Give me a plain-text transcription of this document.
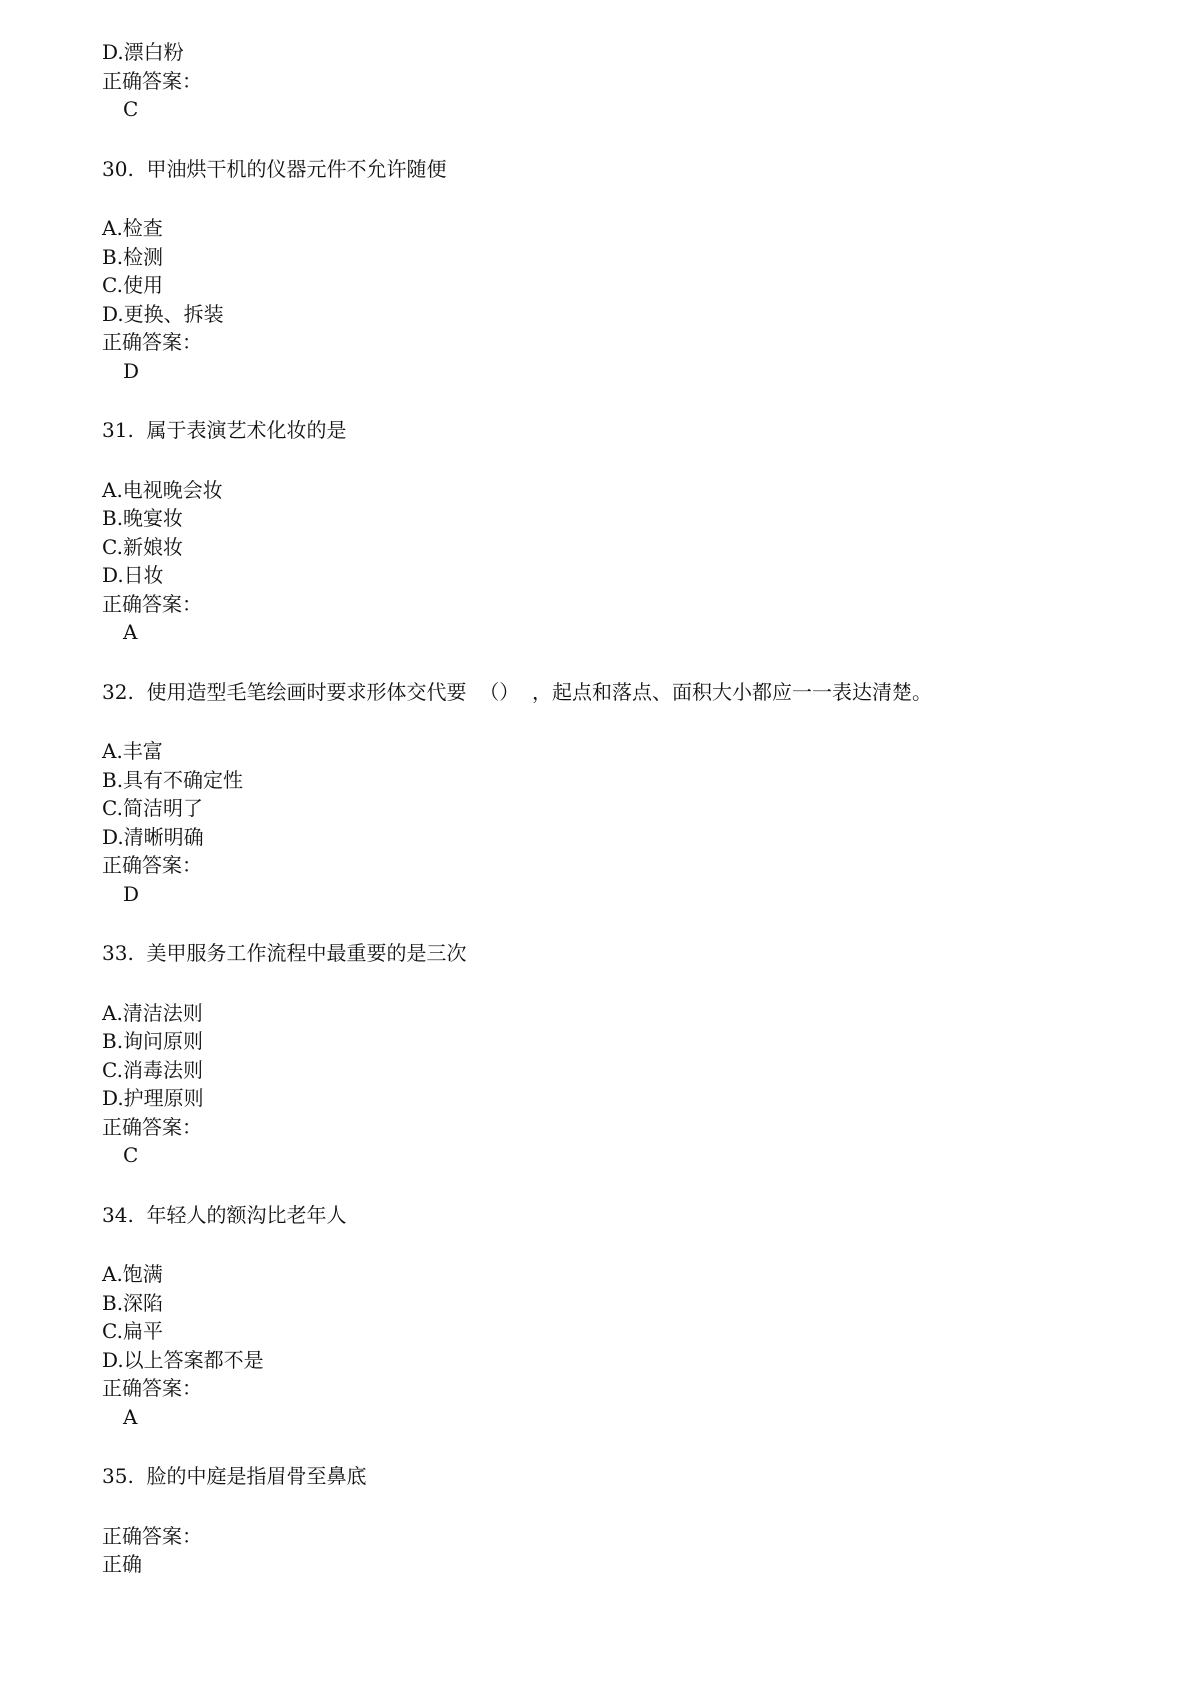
D.漂白粉
正确答案：
C
30.  甲油烘干机的仪器元件不允许随便
A.检查
B.检测
C.使用
D.更换、拆装
正确答案：
D
31.  属于表演艺术化妆的是
A.电视晚会妆
B.晚宴妆
C.新娘妆
D.日妆
正确答案：
A
32.  使用造型毛笔绘画时要求形体交代要  （）  ，起点和落点、面积大小都应一一表达清楚。
A.丰富
B.具有不确定性
C.简洁明了
D.清晰明确
正确答案：
D
33.  美甲服务工作流程中最重要的是三次
A.清洁法则
B.询问原则
C.消毒法则
D.护理原则
正确答案：
C
34.  年轻人的额沟比老年人
A.饱满
B.深陷
C.扁平
D.以上答案都不是
正确答案：
A
35.  脸的中庭是指眉骨至鼻底
正确答案：
正确
